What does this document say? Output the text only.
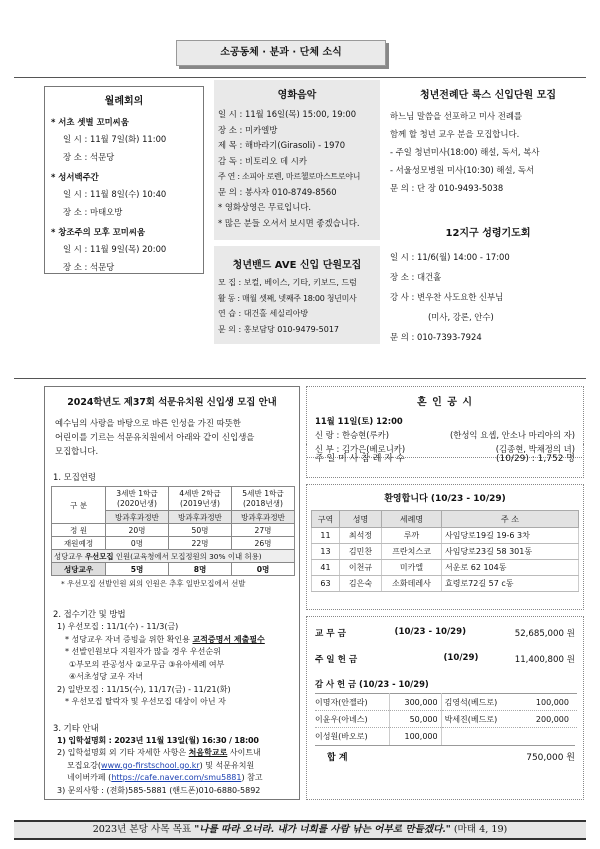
소공동체 · 분과 · 단체 소식
월례회의
* 서초 셋별 꼬미씨움
일 시 : 11월 7일(화) 11:00
장 소 : 석문당
* 성서백주간
일 시 : 11월 8일(수) 10:40
장 소 : 마태오방
* 창조주의 모후 꼬미씨움
일 시 : 11월 9일(목) 20:00
장 소 : 석문당
영화음악
일 시 : 11월 16일(목) 15:00, 19:00
장 소 : 미카엘방
제 목 : 해바라기(Girasoli) - 1970
감 독 : 비토리오 데 시카
주 연 : 소피아 로렌, 마르첼로마스트로야니
문 의 : 봉사자 010-8749-8560
* 영화상영은 무료입니다.
* 많은 분들 오셔서 보시면 좋겠습니다.
청년밴드 AVE 신입 단원모집
모 집 : 보컬, 베이스, 기타, 키보드, 드럼
활 동 : 매월 셋째, 넷째주 18:00 청년미사
연 습 : 대건홀 세실리아방
문 의 : 홍보담당 010-9479-5017
청년전례단 룩스 신입단원 모집
하느님 말씀을 선포하고 미사 전례를
함께 할 청년 교우 분을 모집합니다.
- 주일 청년미사(18:00) 해설, 독서, 복사
- 서울성모병원 미사(10:30) 해설, 독서
문 의 : 단 장 010-9493-5038
12지구 성령기도회
일 시 : 11/6(월) 14:00 - 17:00
장 소 : 대건홀
강 사 : 변우찬 사도요한 신부님
(미사, 강론, 안수)
문 의 : 010-7393-7924
2024학년도 제37회 석문유치원 신입생 모집 안내
예수님의 사랑을 바탕으로 바른 인성을 가진 따뜻한
어린이를 기르는 석문유치원에서 아래와 같이 신입생을
모집합니다.
1. 모집연령
구 분	3세반 1학급
(2020년생)	4세반 2학급
(2019년생)	5세반 1학급
(2018년생)
	방과후과정반	방과후과정반	방과후과정반
정 원	20명	50명	27명
재원예정	0명	22명	26명
성당교우 우선모집 인원(교육청에서 모집정원의 30% 이내 허용)			
성당교우	5명	8명	0명
* 우선모집 선발인원 외의 인원은 추후 일반모집에서 선발
2. 접수기간 및 방법
1) 우선모집 : 11/1(수) - 11/3(금)
* 성당교우 자녀 증빙을 위한 확인용 교적증명서 제출필수
* 선발인원보다 지원자가 많을 경우 우선순위
①부모의 관공성사 ②교무금 ③유아세례 여부
④서초성당 교우 자녀
2) 일반모집 : 11/15(수), 11/17(금) - 11/21(화)
* 우선모집 탈락자 및 우선모집 대상이 아닌 자
3. 기타 안내
1) 입학설명회 : 2023년 11월 13일(월) 16:30 / 18:00
2) 입학설명회 외 기타 자세한 사항은 처음학교로 사이트내
모집요강(www.go-firstschool.go.kr) 및 석문유치원
네이버카페 (https://cafe.naver.com/smu5881) 참고
3) 문의사항 : (전화)585-5881 (핸드폰)010-6880-5892
혼 인 공 시
11월 11일(토) 12:00
신 랑 : 한승현(루카)	(한성익 요셉, 안소나 마리아의 자)
신 부 : 김가은(베로니카)	(김종현, 박채정의 녀)
주 일 미 사 참 례 자 수	(10/29) : 1,752 명
환영합니다 (10/23 - 10/29)
구역	성명	세례명	주 소
11	최석정	루까	사임당로19길 19-6 3차
13	김민찬	프란치스코	사임당로23길 58 301동
41	이천규	미카엘	서운로 62 104동
63	김은숙	소화데레사	효령로72길 57 c동
교 무 금	(10/23 - 10/29)	52,685,000 원
주 일 헌 금	(10/29)	11,400,800 원
감 사 헌 금 (10/23 - 10/29)
이명자(안젤라)	300,000	김영석(베드로)	100,000
이윤우(아녜스)	50,000	박세진(베드로)	200,000
이성원(바오로)	100,000		
합 계	750,000 원
2023년 본당 사목 목표 "나를 따라 오너라. 내가 너희를 사람 낚는 어부로 만들겠다." (마태 4, 19)
